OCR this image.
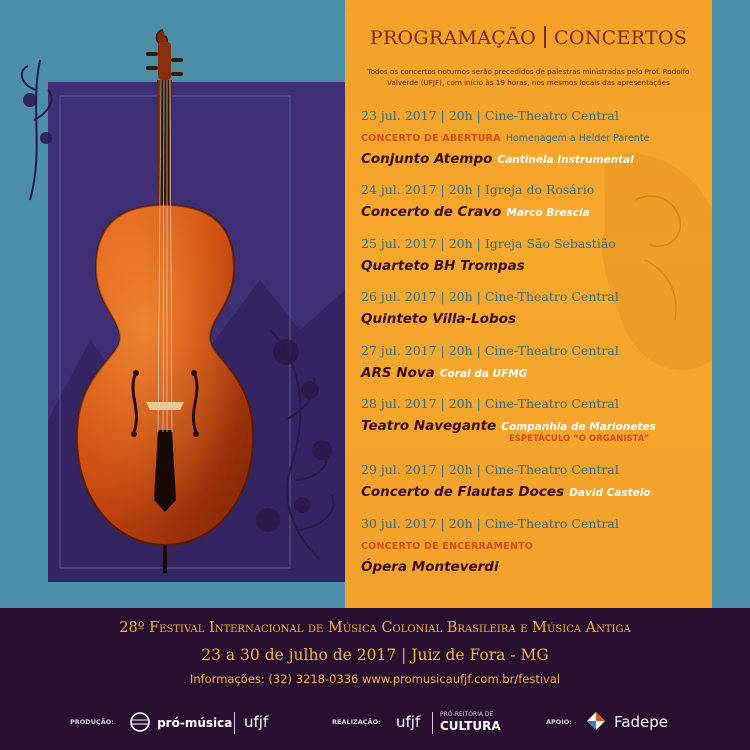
PROGRAMAÇÃO CONCERTOS
Todos os concertos noturnos serão precedidos de palestras ministradas pelo Prof. Rodolfo Valverde (UFJF), com início às 19 horas, nos mesmos locais das apresentações
23 jul. 2017 | 20h | Cine-Theatro Central
CONCERTO DE ABERTURA Homenagem a Helder Parente
Conjunto Atempo Cantinela Instrumental
24 jul. 2017 | 20h | Igreja do Rosário
Concerto de Cravo Marco Brescia
25 jul. 2017 | 20h | Igreja São Sebastião
Quarteto BH Trompas
26 jul. 2017 | 20h | Cine-Theatro Central
Quinteto Villa-Lobos
27 jul. 2017 | 20h | Cine-Theatro Central
ARS Nova Coral da UFMG
28 jul. 2017 | 20h | Cine-Theatro Central
Teatro Navegante Companhia de Marionetes
ESPETÁCULO “O ORGANISTA”
29 jul. 2017 | 20h | Cine-Theatro Central
Concerto de Flautas Doces David Castelo
30 jul. 2017 | 20h | Cine-Theatro Central
CONCERTO DE ENCERRAMENTO
Ópera Monteverdi
28º Festival Internacional de Música Colonial Brasileira e Música Antiga
23 a 30 de julho de 2017 | Juiz de Fora - MG
Informações: (32) 3218-0336 www.promusicaufjf.com.br/festival
PRODUÇÃO:	pró-música ufjf	REALIZAÇÃO: ufjf	PRÓ-REITORIA DE
CULTURA	APOIO:	Fadepe
